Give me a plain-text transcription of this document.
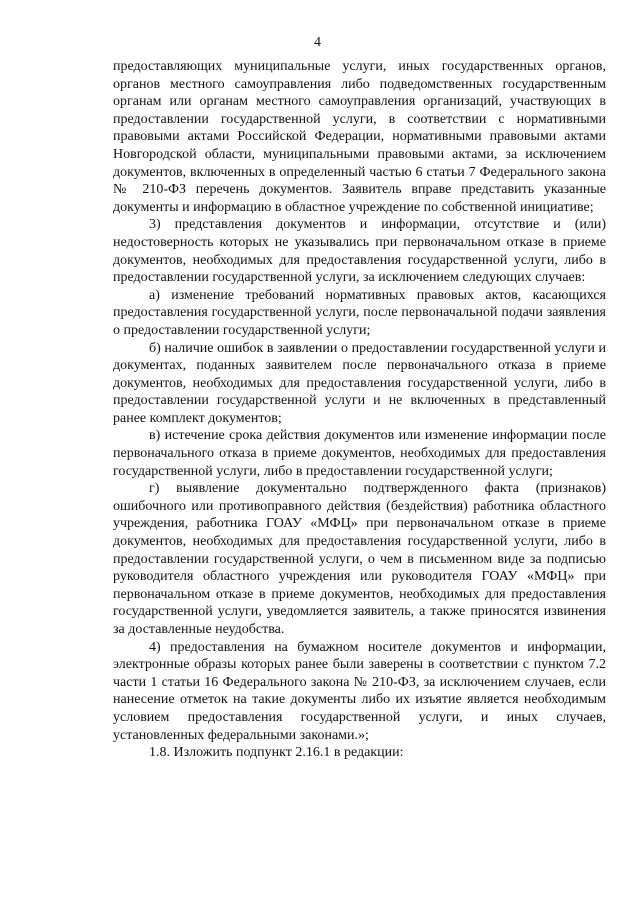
4

предоставляющих муниципальные услуги, иных государственных органов, органов местного самоуправления либо подведомственных государственным органам или органам местного самоуправления организаций, участвующих в предоставлении государственной услуги, в соответствии с нормативными правовыми актами Российской Федерации, нормативными правовыми актами Новгородской области, муниципальными правовыми актами, за исключением документов, включенных в определенный частью 6 статьи 7 Федерального закона № 210-ФЗ перечень документов. Заявитель вправе представить указанные документы и информацию в областное учреждение по собственной инициативе;

3) представления документов и информации, отсутствие и (или) недостоверность которых не указывались при первоначальном отказе в приеме документов, необходимых для предоставления государственной услуги, либо в предоставлении государственной услуги, за исключением следующих случаев:

а) изменение требований нормативных правовых актов, касающихся предоставления государственной услуги, после первоначальной подачи заявления о предоставлении государственной услуги;

б) наличие ошибок в заявлении о предоставлении государственной услуги и документах, поданных заявителем после первоначального отказа в приеме документов, необходимых для предоставления государственной услуги, либо в предоставлении государственной услуги и не включенных в представленный ранее комплект документов;

в) истечение срока действия документов или изменение информации после первоначального отказа в приеме документов, необходимых для предоставления государственной услуги, либо в предоставлении государственной услуги;

г) выявление документально подтвержденного факта (признаков) ошибочного или противоправного действия (бездействия) работника областного учреждения, работника ГОАУ «МФЦ» при первоначальном отказе в приеме документов, необходимых для предоставления государственной услуги, либо в предоставлении государственной услуги, о чем в письменном виде за подписью руководителя областного учреждения или руководителя ГОАУ «МФЦ» при первоначальном отказе в приеме документов, необходимых для предоставления государственной услуги, уведомляется заявитель, а также приносятся извинения за доставленные неудобства.

4) предоставления на бумажном носителе документов и информации, электронные образы которых ранее были заверены в соответствии с пунктом 7.2 части 1 статьи 16 Федерального закона № 210-ФЗ, за исключением случаев, если нанесение отметок на такие документы либо их изъятие является необходимым условием предоставления государственной услуги, и иных случаев, установленных федеральными законами.»;

1.8. Изложить подпункт 2.16.1 в редакции:
